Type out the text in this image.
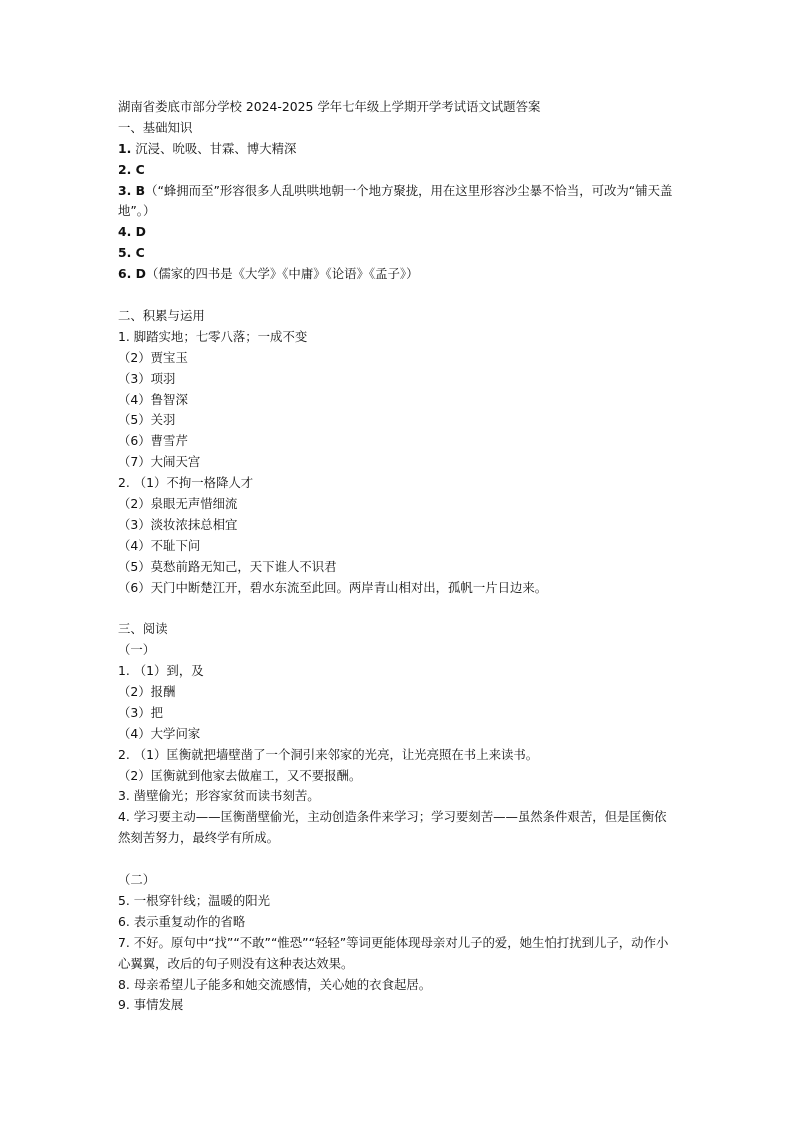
湖南省娄底市部分学校 2024-2025 学年七年级上学期开学考试语文试题答案
一、基础知识
1. 沉浸、吮吸、甘霖、博大精深
2. C
3. B（“蜂拥而至”形容很多人乱哄哄地朝一个地方聚拢，用在这里形容沙尘暴不恰当，可改为“铺天盖地”。）
4. D
5. C
6. D（儒家的四书是《大学》《中庸》《论语》《孟子》）
二、积累与运用
1. 脚踏实地；七零八落；一成不变
（2）贾宝玉
（3）项羽
（4）鲁智深
（5）关羽
（6）曹雪芹
（7）大闹天宫
2. （1）不拘一格降人才
（2）泉眼无声惜细流
（3）淡妆浓抹总相宜
（4）不耻下问
（5）莫愁前路无知己，天下谁人不识君
（6）天门中断楚江开，碧水东流至此回。两岸青山相对出，孤帆一片日边来。
三、阅读
（一）
1. （1）到，及
（2）报酬
（3）把
（4）大学问家
2. （1）匡衡就把墙壁凿了一个洞引来邻家的光亮，让光亮照在书上来读书。
（2）匡衡就到他家去做雇工，又不要报酬。
3. 凿壁偷光；形容家贫而读书刻苦。
4. 学习要主动——匡衡凿壁偷光，主动创造条件来学习；学习要刻苦——虽然条件艰苦，但是匡衡依然刻苦努力，最终学有所成。
（二）
5. 一根穿针线；温暖的阳光
6. 表示重复动作的省略
7. 不好。原句中“找”“不敢”“惟恐”“轻轻”等词更能体现母亲对儿子的爱，她生怕打扰到儿子，动作小心翼翼，改后的句子则没有这种表达效果。
8. 母亲希望儿子能多和她交流感情，关心她的衣食起居。
9. 事情发展
